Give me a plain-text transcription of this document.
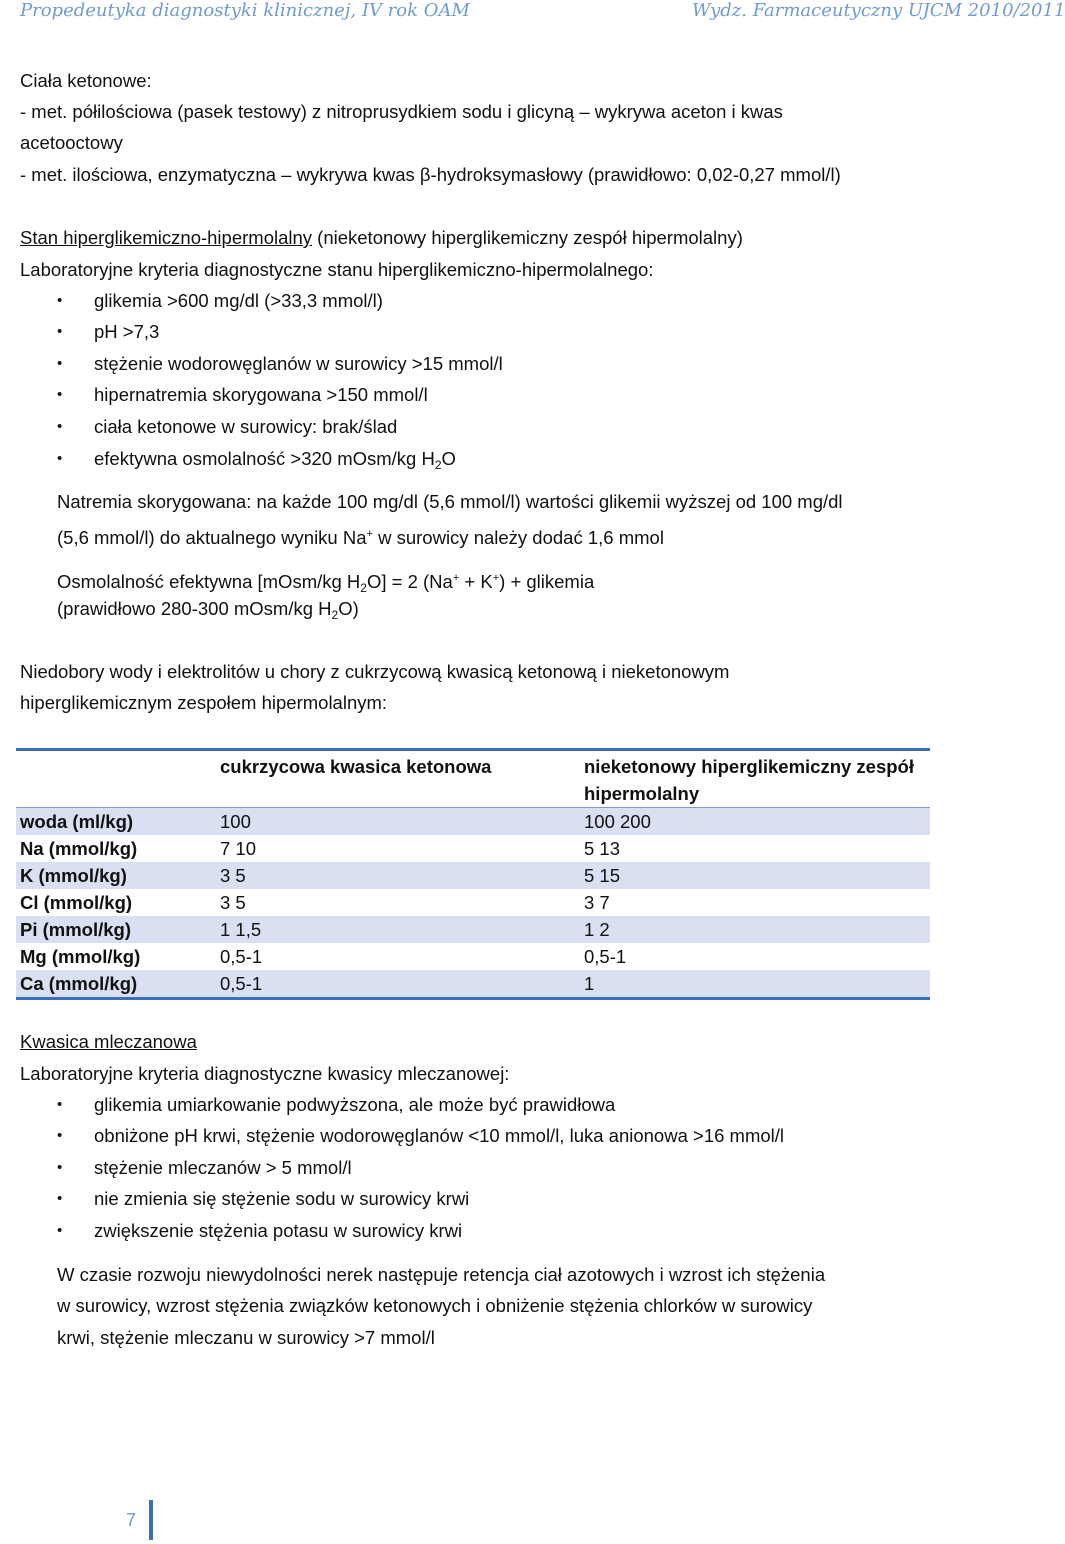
Propedeutyka diagnostyki klinicznej, IV rok OAM	Wydz. Farmaceutyczny UJCM 2010/2011
Ciała ketonowe:
- met. półilościowa (pasek testowy) z nitroprusydkiem sodu i glicyną – wykrywa aceton i kwas
acetooctowy
- met. ilościowa, enzymatyczna – wykrywa kwas β-hydroksymasłowy (prawidłowo: 0,02-0,27 mmol/l)
Stan hiperglikemiczno-hipermolalny (nieketonowy hiperglikemiczny zespół hipermolalny)
Laboratoryjne kryteria diagnostyczne stanu hiperglikemiczno-hipermolalnego:
• glikemia >600 mg/dl (>33,3 mmol/l)
• pH >7,3
• stężenie wodorowęglanów w surowicy >15 mmol/l
• hipernatremia skorygowana >150 mmol/l
• ciała ketonowe w surowicy: brak/ślad
• efektywna osmolalność >320 mOsm/kg $H_2O$
Natremia skorygowana: na każde 100 mg/dl (5,6 mmol/l) wartości glikemii wyższej od 100 mg/dl
(5,6 mmol/l) do aktualnego wyniku Na+ w surowicy należy dodać 1,6 mmol
Osmolalność efektywna [mOsm/kg $H_2O] = 2$ (Na+ + K+) + glikemia
(prawidłowo 280-300 mOsm/kg $H_2O$)
Niedobory wody i elektrolitów u chory z cukrzycową kwasicą ketonową i nieketonowym
hiperglikemicznym zespołem hipermolalnym:
	cukrzycowa kwasica ketonowa	nieketonowy hiperglikemiczny zespół hipermolalny
woda (ml/kg)	100	100 200
Na (mmol/kg)	7 10	5 13
K (mmol/kg)	3 5	5 15
Cl (mmol/kg)	3 5	3 7
Pi (mmol/kg)	1 1,5	1 2
Mg (mmol/kg)	0,5-1	0,5-1
Ca (mmol/kg)	0,5-1	1
Kwasica mleczanowa
Laboratoryjne kryteria diagnostyczne kwasicy mleczanowej:
• glikemia umiarkowanie podwyższona, ale może być prawidłowa
• obniżone pH krwi, stężenie wodorowęglanów <10 mmol/l, luka anionowa >16 mmol/l
• stężenie mleczanów > 5 mmol/l
• nie zmienia się stężenie sodu w surowicy krwi
• zwiększenie stężenia potasu w surowicy krwi
W czasie rozwoju niewydolności nerek następuje retencja ciał azotowych i wzrost ich stężenia
w surowicy, wzrost stężenia związków ketonowych i obniżenie stężenia chlorków w surowicy
krwi, stężenie mleczanu w surowicy >7 mmol/l
7
